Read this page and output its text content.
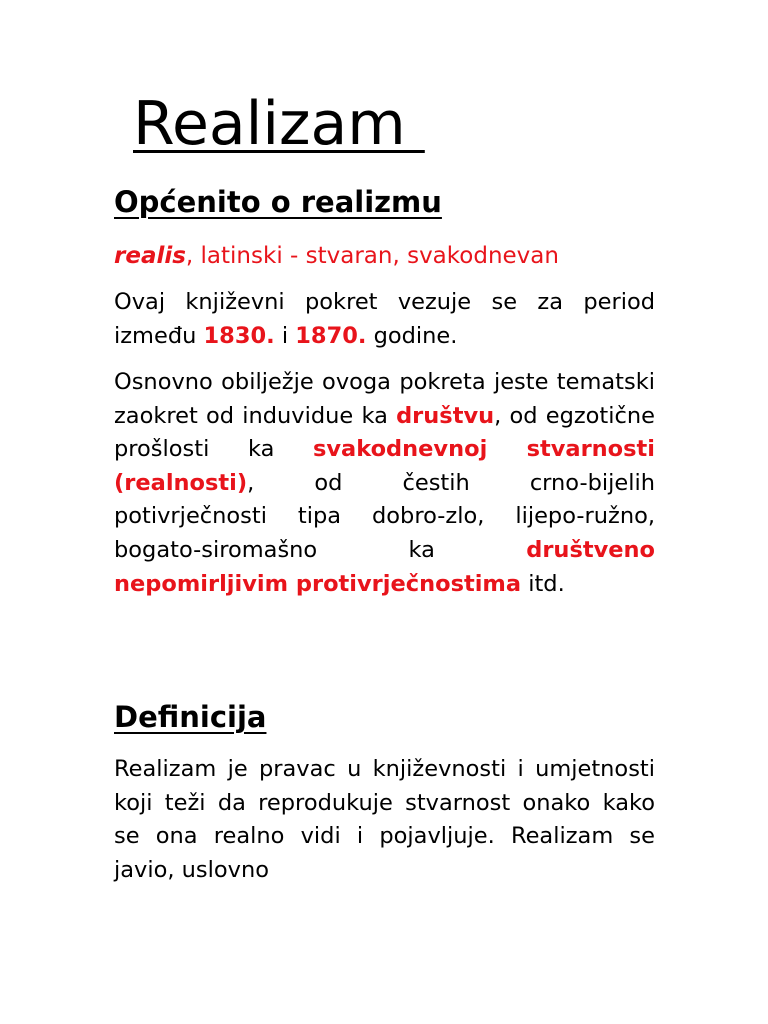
Realizam
Općenito o realizmu

realis, latinski - stvaran, svakodnevan

Ovaj književni pokret vezuje se za period između 1830. i 1870. godine.

Osnovno obilježje ovoga pokreta jeste tematski zaokret od induvidue ka društvu, od egzotične prošlosti ka svakodnevnoj stvarnosti (realnosti), od čestih crno-bijelih potivrječnosti tipa dobro-zlo, lijepo-ružno, bogato-siromašno ka društveno nepomirljivim protivrječnostima itd.

Definicija

Realizam je pravac u književnosti i umjetnosti koji teži da reprodukuje stvarnost onako kako se ona realno vidi i pojavljuje. Realizam se javio, uslovno
